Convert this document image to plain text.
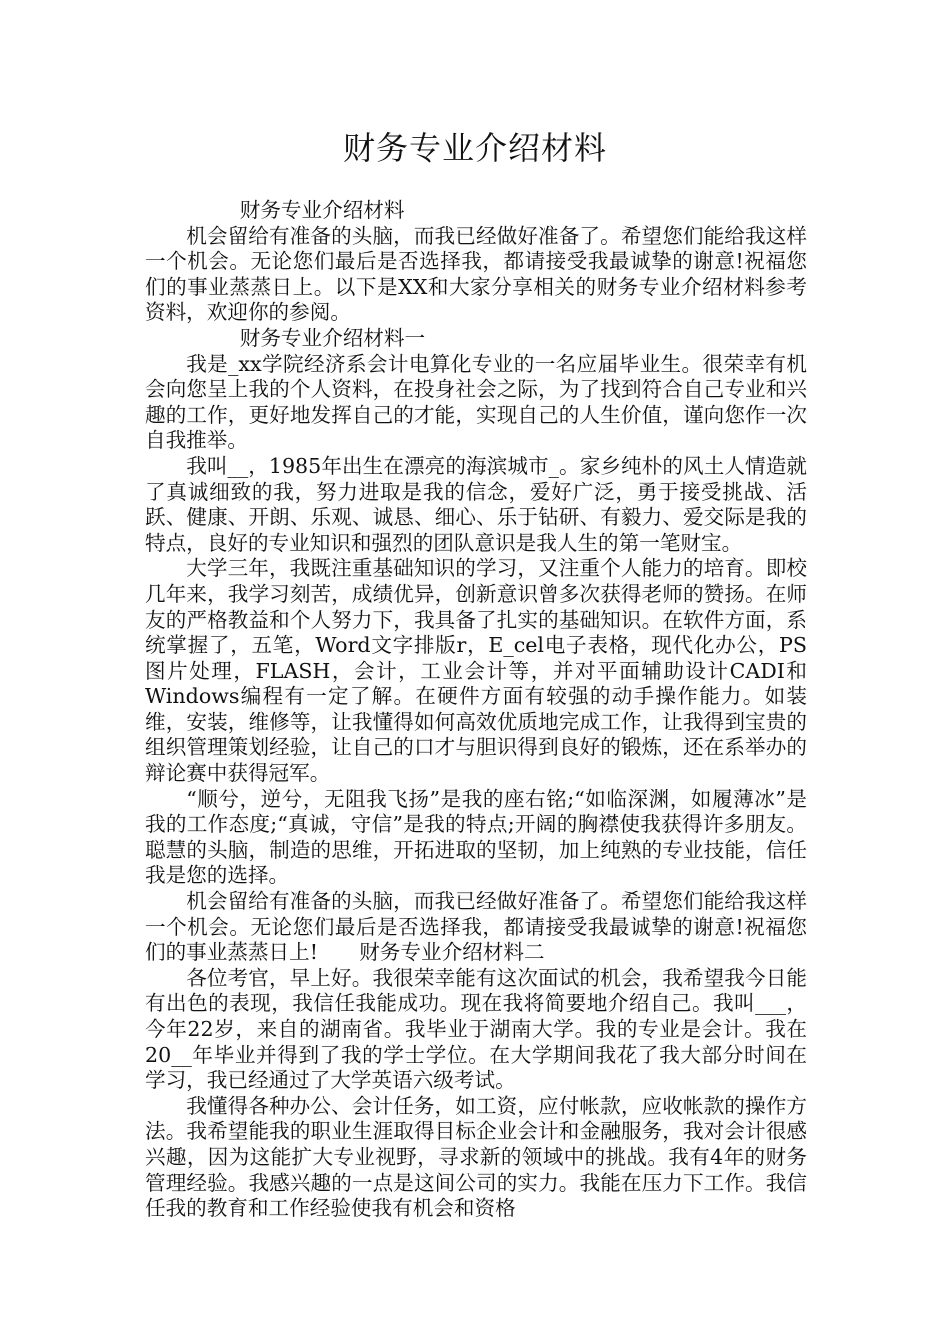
财务专业介绍材料

财务专业介绍材料

机会留给有准备的头脑，而我已经做好准备了。希望您们能给我这样一个机会。无论您们最后是否选择我，都请接受我最诚挚的谢意!祝福您们的事业蒸蒸日上。以下是XX和大家分享相关的财务专业介绍材料参考资料，欢迎你的参阅。

财务专业介绍材料一

我是_xx学院经济系会计电算化专业的一名应届毕业生。很荣幸有机会向您呈上我的个人资料，在投身社会之际，为了找到符合自己专业和兴趣的工作，更好地发挥自己的才能，实现自己的人生价值，谨向您作一次自我推举。

我叫__，1985年出生在漂亮的海滨城市_。家乡纯朴的风土人情造就了真诚细致的我，努力进取是我的信念，爱好广泛，勇于接受挑战、活跃、健康、开朗、乐观、诚恳、细心、乐于钻研、有毅力、爱交际是我的特点，良好的专业知识和强烈的团队意识是我人生的第一笔财宝。

大学三年，我既注重基础知识的学习，又注重个人能力的培育。即校几年来，我学习刻苦，成绩优异，创新意识曾多次获得老师的赞扬。在师友的严格教益和个人努力下，我具备了扎实的基础知识。在软件方面，系统掌握了，五笔，Word文字排版r，E_cel电子表格，现代化办公，PS图片处理，FLASH，会计，工业会计等，并对平面辅助设计CADI和Windows编程有一定了解。在硬件方面有较强的动手操作能力。如装维，安装，维修等，让我懂得如何高效优质地完成工作，让我得到宝贵的组织管理策划经验，让自己的口才与胆识得到良好的锻炼，还在系举办的辩论赛中获得冠军。

“顺兮，逆兮，无阻我飞扬”是我的座右铭;“如临深渊，如履薄冰”是我的工作态度;“真诚，守信”是我的特点;开阔的胸襟使我获得许多朋友。聪慧的头脑，制造的思维，开拓进取的坚韧，加上纯熟的专业技能，信任我是您的选择。

机会留给有准备的头脑，而我已经做好准备了。希望您们能给我这样一个机会。无论您们最后是否选择我，都请接受我最诚挚的谢意!祝福您们的事业蒸蒸日上!　　财务专业介绍材料二

各位考官，早上好。我很荣幸能有这次面试的机会，我希望我今日能有出色的表现，我信任我能成功。现在我将简要地介绍自己。我叫___，今年22岁，来自的湖南省。我毕业于湖南大学。我的专业是会计。我在20__年毕业并得到了我的学士学位。在大学期间我花了我大部分时间在学习，我已经通过了大学英语六级考试。

我懂得各种办公、会计任务，如工资，应付帐款，应收帐款的操作方法。我希望能我的职业生涯取得目标企业会计和金融服务，我对会计很感兴趣，因为这能扩大专业视野，寻求新的领域中的挑战。我有4年的财务管理经验。我感兴趣的一点是这间公司的实力。我能在压力下工作。我信任我的教育和工作经验使我有机会和资格
